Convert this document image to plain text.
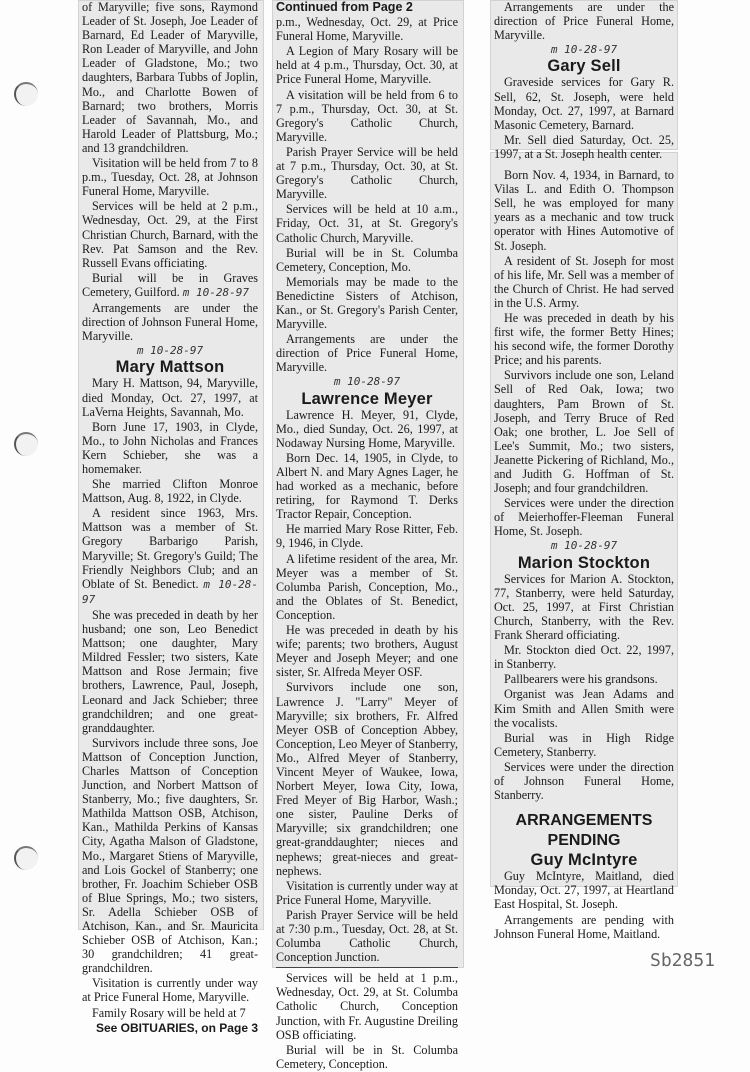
of Maryville; five sons, Raymond Leader of St. Joseph, Joe Leader of Barnard, Ed Leader of Maryville, Ron Leader of Maryville, and John Leader of Gladstone, Mo.; two daughters, Barbara Tubbs of Joplin, Mo., and Charlotte Bowen of Barnard; two brothers, Morris Leader of Savannah, Mo., and Harold Leader of Plattsburg, Mo.; and 13 grandchildren.

Visitation will be held from 7 to 8 p.m., Tuesday, Oct. 28, at Johnson Funeral Home, Maryville.

Services will be held at 2 p.m., Wednesday, Oct. 29, at the First Christian Church, Barnard, with the Rev. Pat Samson and the Rev. Russell Evans officiating.

Burial will be in Graves Cemetery, Guilford. m 10-28-97

Arrangements are under the direction of Johnson Funeral Home, Maryville.

m 10-28-97
Mary Mattson

Mary H. Mattson, 94, Maryville, died Monday, Oct. 27, 1997, at LaVerna Heights, Savannah, Mo.

Born June 17, 1903, in Clyde, Mo., to John Nicholas and Frances Kern Schieber, she was a homemaker.

She married Clifton Monroe Mattson, Aug. 8, 1922, in Clyde.

A resident since 1963, Mrs. Mattson was a member of St. Gregory Barbarigo Parish, Maryville; St. Gregory's Guild; The Friendly Neighbors Club; and an Oblate of St. Benedict. m 10-28-97

She was preceded in death by her husband; one son, Leo Benedict Mattson; one daughter, Mary Mildred Fessler; two sisters, Kate Mattson and Rose Jermain; five brothers, Lawrence, Paul, Joseph, Leonard and Jack Schieber; three grandchildren; and one great-granddaughter.

Survivors include three sons, Joe Mattson of Conception Junction, Charles Mattson of Conception Junction, and Norbert Mattson of Stanberry, Mo.; five daughters, Sr. Mathilda Mattson OSB, Atchison, Kan., Mathilda Perkins of Kansas City, Agatha Malson of Gladstone, Mo., Margaret Stiens of Maryville, and Lois Gockel of Stanberry; one brother, Fr. Joachim Schieber OSB of Blue Springs, Mo.; two sisters, Sr. Adella Schieber OSB of Atchison, Kan., and Sr. Mauricita Schieber OSB of Atchison, Kan.; 30 grandchildren; 41 great-grandchildren.

Visitation is currently under way at Price Funeral Home, Maryville.

Family Rosary will be held at 7

See OBITUARIES, on Page 3

Continued from Page 2

p.m., Wednesday, Oct. 29, at Price Funeral Home, Maryville.

A Legion of Mary Rosary will be held at 4 p.m., Thursday, Oct. 30, at Price Funeral Home, Maryville.

A visitation will be held from 6 to 7 p.m., Thursday, Oct. 30, at St. Gregory's Catholic Church, Maryville.

Parish Prayer Service will be held at 7 p.m., Thursday, Oct. 30, at St. Gregory's Catholic Church, Maryville.

Services will be held at 10 a.m., Friday, Oct. 31, at St. Gregory's Catholic Church, Maryville.

Burial will be in St. Columba Cemetery, Conception, Mo.

Memorials may be made to the Benedictine Sisters of Atchison, Kan., or St. Gregory's Parish Center, Maryville.

Arrangements are under the direction of Price Funeral Home, Maryville.

m 10-28-97
Lawrence Meyer

Lawrence H. Meyer, 91, Clyde, Mo., died Sunday, Oct. 26, 1997, at Nodaway Nursing Home, Maryville.

Born Dec. 14, 1905, in Clyde, to Albert N. and Mary Agnes Lager, he had worked as a mechanic, before retiring, for Raymond T. Derks Tractor Repair, Conception.

He married Mary Rose Ritter, Feb. 9, 1946, in Clyde.

A lifetime resident of the area, Mr. Meyer was a member of St. Columba Parish, Conception, Mo., and the Oblates of St. Benedict, Conception.

He was preceded in death by his wife; parents; two brothers, August Meyer and Joseph Meyer; and one sister, Sr. Alfreda Meyer OSF.

Survivors include one son, Lawrence J. "Larry" Meyer of Maryville; six brothers, Fr. Alfred Meyer OSB of Conception Abbey, Conception, Leo Meyer of Stanberry, Mo., Alfred Meyer of Stanberry, Vincent Meyer of Waukee, Iowa, Norbert Meyer, Iowa City, Iowa, Fred Meyer of Big Harbor, Wash.; one sister, Pauline Derks of Maryville; six grandchildren; one great-granddaughter; nieces and nephews; great-nieces and great-nephews.

Visitation is currently under way at Price Funeral Home, Maryville.

Parish Prayer Service will be held at 7:30 p.m., Tuesday, Oct. 28, at St. Columba Catholic Church, Conception Junction.

Services will be held at 1 p.m., Wednesday, Oct. 29, at St. Columba Catholic Church, Conception Junction, with Fr. Augustine Dreiling OSB officiating.

Burial will be in St. Columba Cemetery, Conception.

Arrangements are under the direction of Price Funeral Home, Maryville.

m 10-28-97
Gary Sell

Graveside services for Gary R. Sell, 62, St. Joseph, were held Monday, Oct. 27, 1997, at Barnard Masonic Cemetery, Barnard.

Mr. Sell died Saturday, Oct. 25, 1997, at a St. Joseph health center.

Born Nov. 4, 1934, in Barnard, to Vilas L. and Edith O. Thompson Sell, he was employed for many years as a mechanic and tow truck operator with Hines Automotive of St. Joseph.

A resident of St. Joseph for most of his life, Mr. Sell was a member of the Church of Christ. He had served in the U.S. Army.

He was preceded in death by his first wife, the former Betty Hines; his second wife, the former Dorothy Price; and his parents.

Survivors include one son, Leland Sell of Red Oak, Iowa; two daughters, Pam Brown of St. Joseph, and Terry Bruce of Red Oak; one brother, L. Joe Sell of Lee's Summit, Mo.; two sisters, Jeanette Pickering of Richland, Mo., and Judith G. Hoffman of St. Joseph; and four grandchildren.

Services were under the direction of Meierhoffer-Fleeman Funeral Home, St. Joseph.

m 10-28-97
Marion Stockton

Services for Marion A. Stockton, 77, Stanberry, were held Saturday, Oct. 25, 1997, at First Christian Church, Stanberry, with the Rev. Frank Sherard officiating.

Mr. Stockton died Oct. 22, 1997, in Stanberry.

Pallbearers were his grandsons.

Organist was Jean Adams and Kim Smith and Allen Smith were the vocalists.

Burial was in High Ridge Cemetery, Stanberry.

Services were under the direction of Johnson Funeral Home, Stanberry.

ARRANGEMENTS
PENDING
Guy McIntyre

Guy McIntyre, Maitland, died Monday, Oct. 27, 1997, at Heartland East Hospital, St. Joseph.

Arrangements are pending with Johnson Funeral Home, Maitland.

Sb2851
